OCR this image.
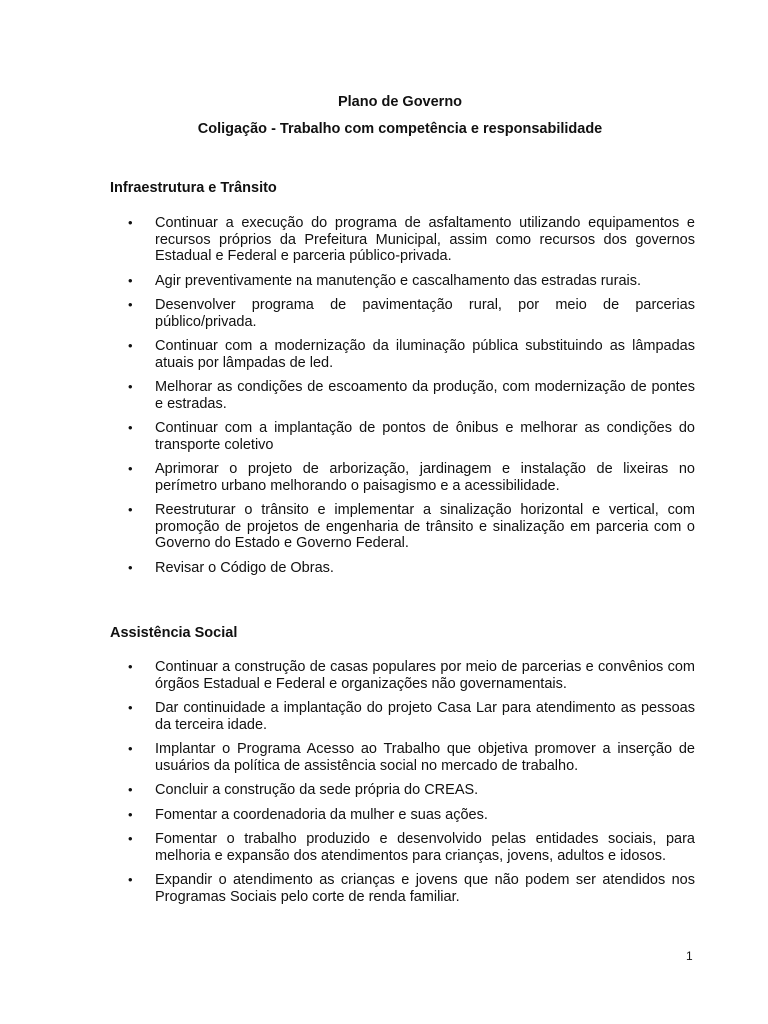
Plano de Governo
Coligação - Trabalho com competência e responsabilidade
Infraestrutura e Trânsito
• Continuar a execução do programa de asfaltamento utilizando equipamentos e recursos próprios da Prefeitura Municipal, assim como recursos dos governos Estadual e Federal e parceria público-privada.
• Agir preventivamente na manutenção e cascalhamento das estradas rurais.
• Desenvolver programa de pavimentação rural, por meio de parcerias público/privada.
• Continuar com a modernização da iluminação pública substituindo as lâmpadas atuais por lâmpadas de led.
• Melhorar as condições de escoamento da produção, com modernização de pontes e estradas.
• Continuar com a implantação de pontos de ônibus e melhorar as condições do transporte coletivo
• Aprimorar o projeto de arborização, jardinagem e instalação de lixeiras no perímetro urbano melhorando o paisagismo e a acessibilidade.
• Reestruturar o trânsito e implementar a sinalização horizontal e vertical, com promoção de projetos de engenharia de trânsito e sinalização em parceria com o Governo do Estado e Governo Federal.
• Revisar o Código de Obras.
Assistência Social
• Continuar a construção de casas populares por meio de parcerias e convênios com órgãos Estadual e Federal e organizações não governamentais.
• Dar continuidade a implantação do projeto Casa Lar para atendimento as pessoas da terceira idade.
• Implantar o Programa Acesso ao Trabalho que objetiva promover a inserção de usuários da política de assistência social no mercado de trabalho.
• Concluir a construção da sede própria do CREAS.
• Fomentar a coordenadoria da mulher e suas ações.
• Fomentar o trabalho produzido e desenvolvido pelas entidades sociais, para melhoria e expansão dos atendimentos para crianças, jovens, adultos e idosos.
• Expandir o atendimento as crianças e jovens que não podem ser atendidos nos Programas Sociais pelo corte de renda familiar.
1
